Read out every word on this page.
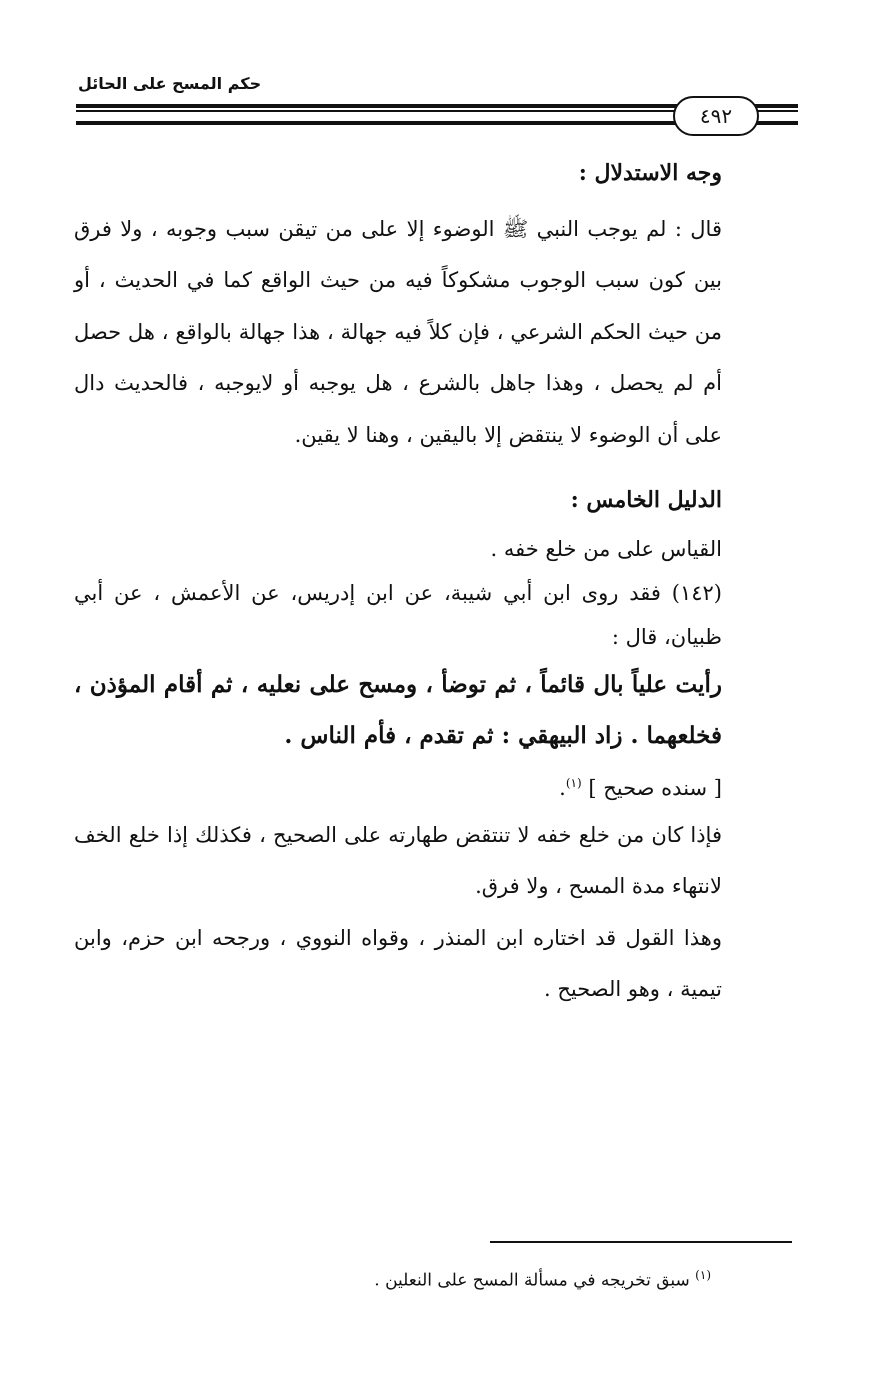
حكم المسح على الحائل
٤٩٢

وجه الاستدلال :

قال : لم يوجب النبي ﷺ الوضوء إلا على من تيقن سبب وجوبه ، ولا فرق بين كون سبب الوجوب مشكوكاً فيه من حيث الواقع كما في الحديث ، أو من حيث الحكم الشرعي ، فإن كلاً فيه جهالة ، هذا جهالة بالواقع ، هل حصل أم لم يحصل ، وهذا جاهل بالشرع ، هل يوجبه أو لايوجبه ، فالحديث دال على أن الوضوء لا ينتقض إلا باليقين ، وهنا لا يقين.

الدليل الخامس :

القياس على من خلع خفه .

(١٤٢) فقد روى ابن أبي شيبة، عن ابن إدريس، عن الأعمش ، عن أبي ظبيان، قال :

رأيت علياً بال قائماً ، ثم توضأ ، ومسح على نعليه ، ثم أقام المؤذن ، فخلعهما . زاد البيهقي : ثم تقدم ، فأم الناس .

[ سنده صحيح ] $^{(١)}$.

فإذا كان من خلع خفه لا تنتقض طهارته على الصحيح ، فكذلك إذا خلع الخف لانتهاء مدة المسح ، ولا فرق.

وهذا القول قد اختاره ابن المنذر ، وقواه النووي ، ورجحه ابن حزم، وابن تيمية ، وهو الصحيح .

$^{(١)}$ سبق تخريجه في مسألة المسح على النعلين .
